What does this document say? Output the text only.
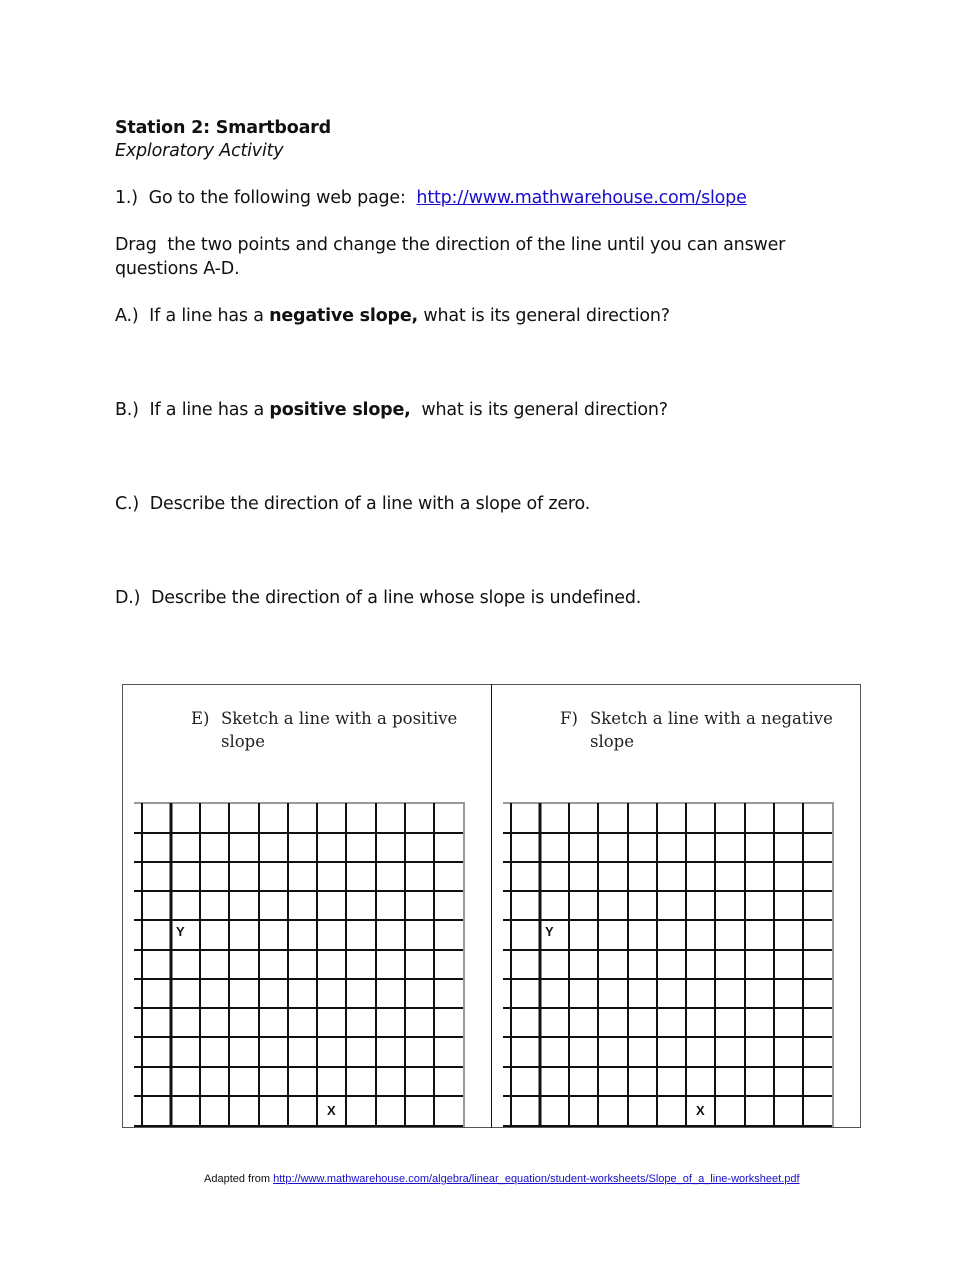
Station 2: Smartboard
Exploratory Activity
1.)  Go to the following web page:  http://www.mathwarehouse.com/slope
Drag  the two points and change the direction of the line until you can answer
questions A-D.
A.)  If a line has a negative slope, what is its general direction?
B.)  If a line has a positive slope,  what is its general direction?
C.)  Describe the direction of a line with a slope of zero.
D.)  Describe the direction of a line whose slope is undefined.
E) Sketch a line with a positive
slope
F) Sketch a line with a negative
slope
Y
X
Y
X
Adapted from http://www.mathwarehouse.com/algebra/linear_equation/student-worksheets/Slope_of_a_line-worksheet.pdf
